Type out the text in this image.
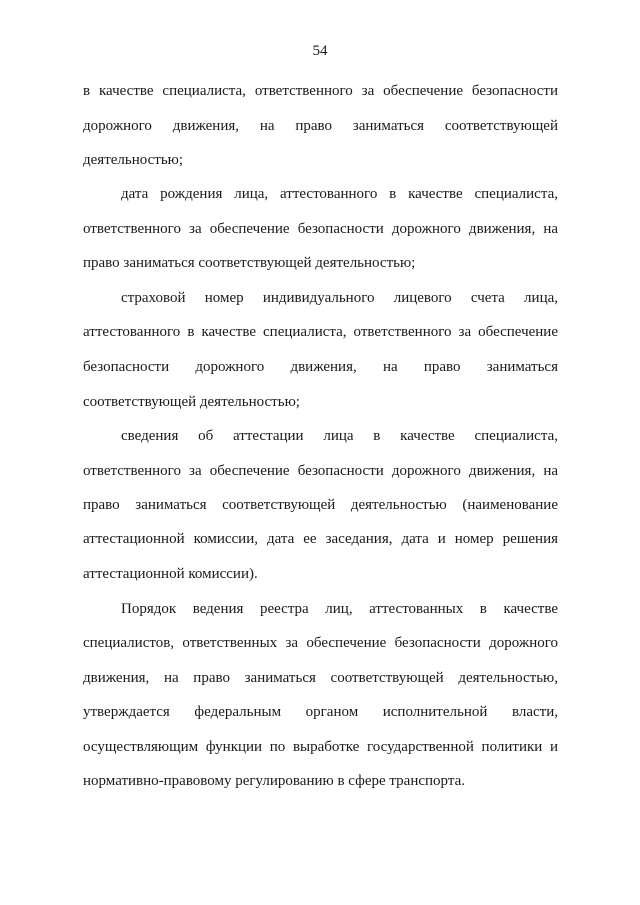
54
в качестве специалиста, ответственного за обеспечение безопасности
дорожного движения, на право заниматься соответствующей
деятельностью;
дата рождения лица, аттестованного в качестве специалиста,
ответственного за обеспечение безопасности дорожного движения, на
право заниматься соответствующей деятельностью;
страховой номер индивидуального лицевого счета лица,
аттестованного в качестве специалиста, ответственного за обеспечение
безопасности дорожного движения, на право заниматься
соответствующей деятельностью;
сведения об аттестации лица в качестве специалиста,
ответственного за обеспечение безопасности дорожного движения, на
право заниматься соответствующей деятельностью (наименование
аттестационной комиссии, дата ее заседания, дата и номер решения
аттестационной комиссии).
Порядок ведения реестра лиц, аттестованных в качестве
специалистов, ответственных за обеспечение безопасности дорожного
движения, на право заниматься соответствующей деятельностью,
утверждается федеральным органом исполнительной власти,
осуществляющим функции по выработке государственной политики и
нормативно-правовому регулированию в сфере транспорта.
